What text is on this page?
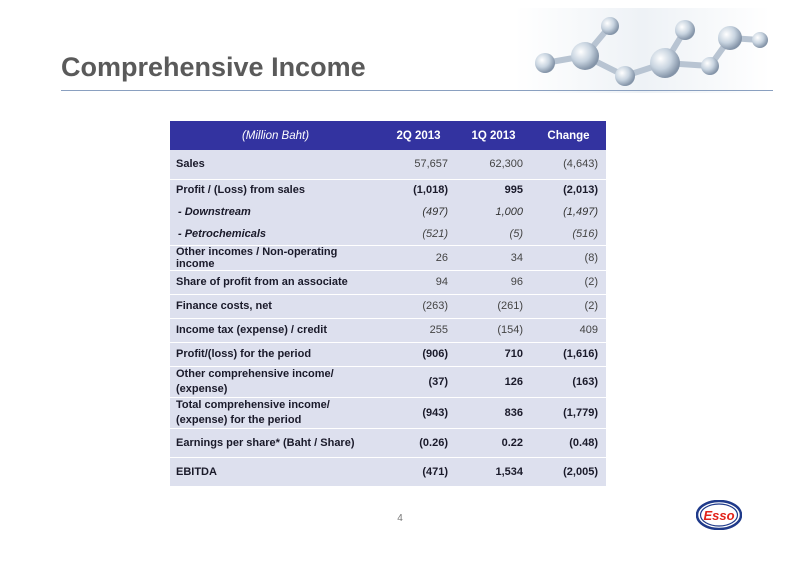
Comprehensive Income
(Million Baht)	2Q 2013	1Q 2013	Change
Sales	57,657	62,300	(4,643)
Profit / (Loss) from sales	(1,018)	995	(2,013)
- Downstream	(497)	1,000	(1,497)
- Petrochemicals	(521)	(5)	(516)
Other incomes / Non-operating income	26	34	(8)
Share of profit from an associate	94	96	(2)
Finance costs, net	(263)	(261)	(2)
Income tax (expense) / credit	255	(154)	409
Profit/(loss) for the period	(906)	710	(1,616)
Other comprehensive income/ (expense)	(37)	126	(163)
Total comprehensive income/ (expense) for the period	(943)	836	(1,779)
Earnings per share* (Baht / Share)	(0.26)	0.22	(0.48)
EBITDA	(471)	1,534	(2,005)
4	Esso
